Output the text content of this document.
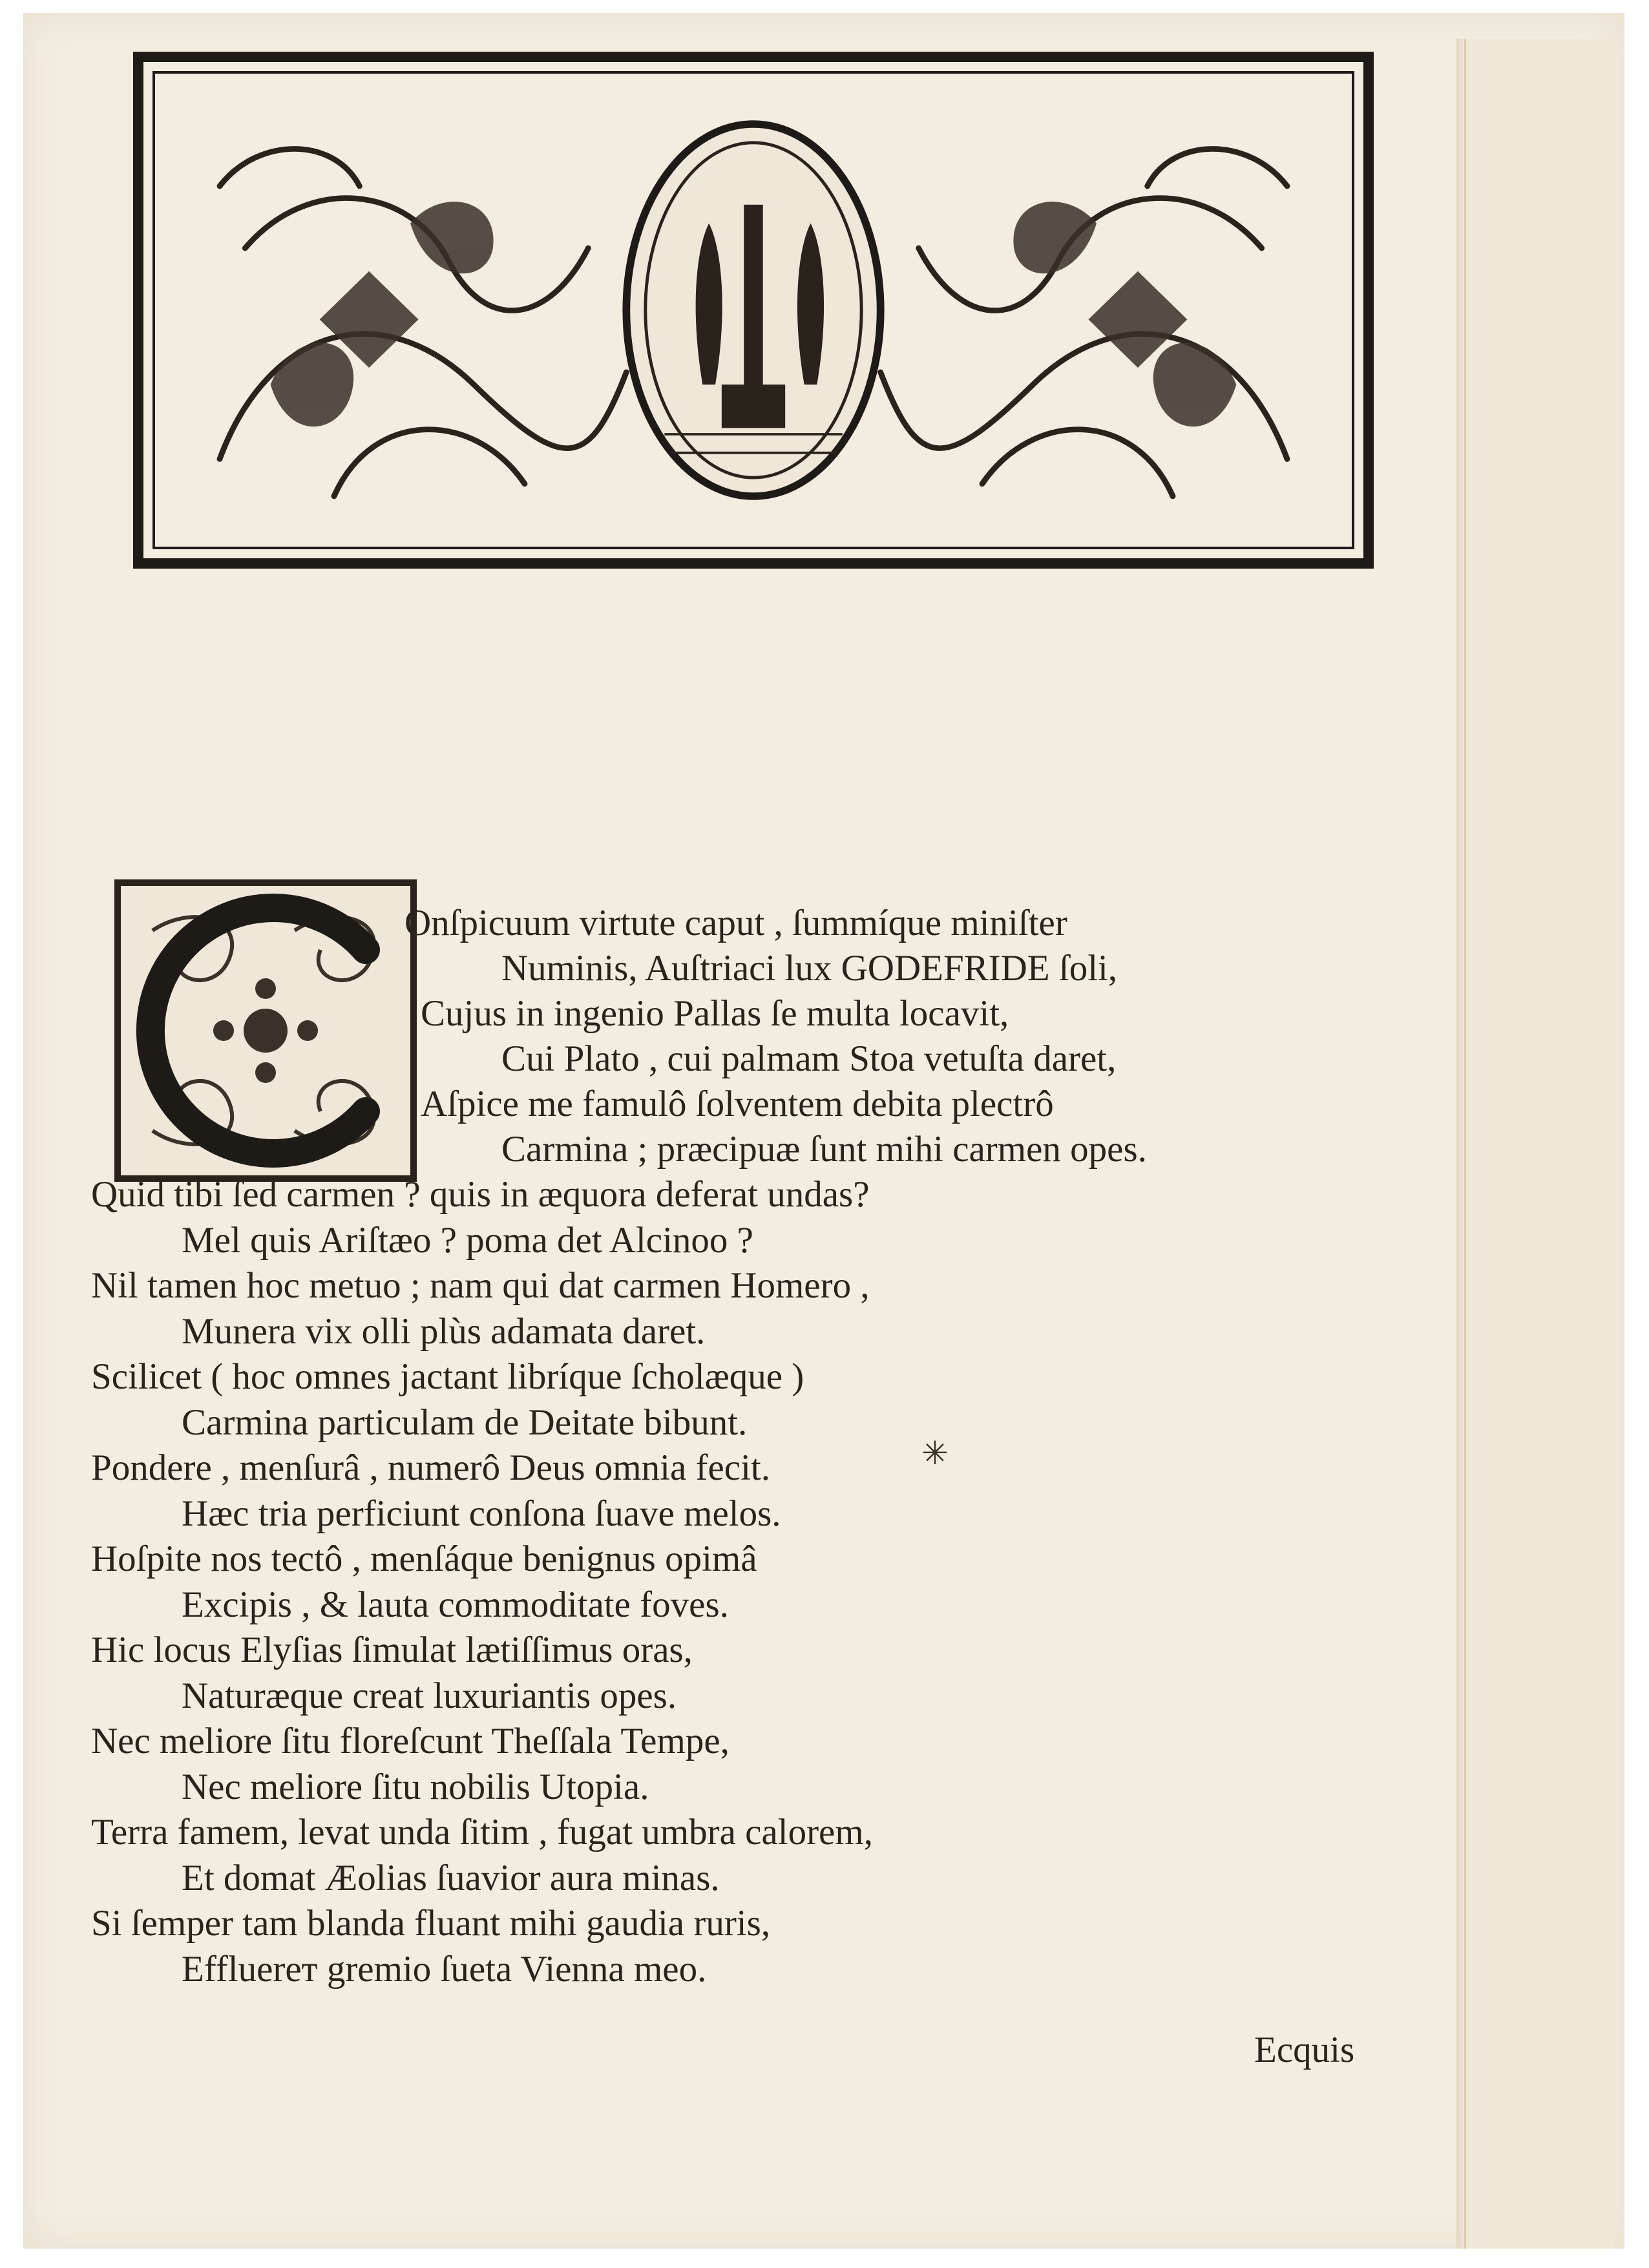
✳
Ecquis
Onſpicuum virtute caput , ſummíque miniſter
Numinis, Auſtriaci lux GODEFRIDE ſoli,
Cujus in ingenio Pallas ſe multa locavit,
Cui Plato , cui palmam Stoa vetuſta daret,
Aſpice me famulô ſolventem debita plectrô
Carmina ; præcipuæ ſunt mihi carmen opes.
Quid tibi ſed carmen ? quis in æquora deferat undas?
Mel quis Ariſtæo ? poma det Alcinoo ?
Nil tamen hoc metuo ; nam qui dat carmen Homero ,
Munera vix olli plùs adamata daret.
Scilicet ( hoc omnes jactant libríque ſcholæque )
Carmina particulam de Deitate bibunt.
Pondere , menſurâ , numerô Deus omnia fecit.
Hæc tria perficiunt conſona ſuave melos.
Hoſpite nos tectô , menſáque benignus opimâ
Excipis , & lauta commoditate foves.
Hic locus Elyſias ſimulat lætiſſimus oras,
Naturæque creat luxuriantis opes.
Nec meliore ſitu floreſcunt Theſſala Tempe,
Nec meliore ſitu nobilis Utopia.
Terra famem, levat unda ſitim , fugat umbra calorem,
Et domat Æolias ſuavior aura minas.
Si ſemper tam blanda fluant mihi gaudia ruris,
Effluerет gremio ſueta Vienna meo.
